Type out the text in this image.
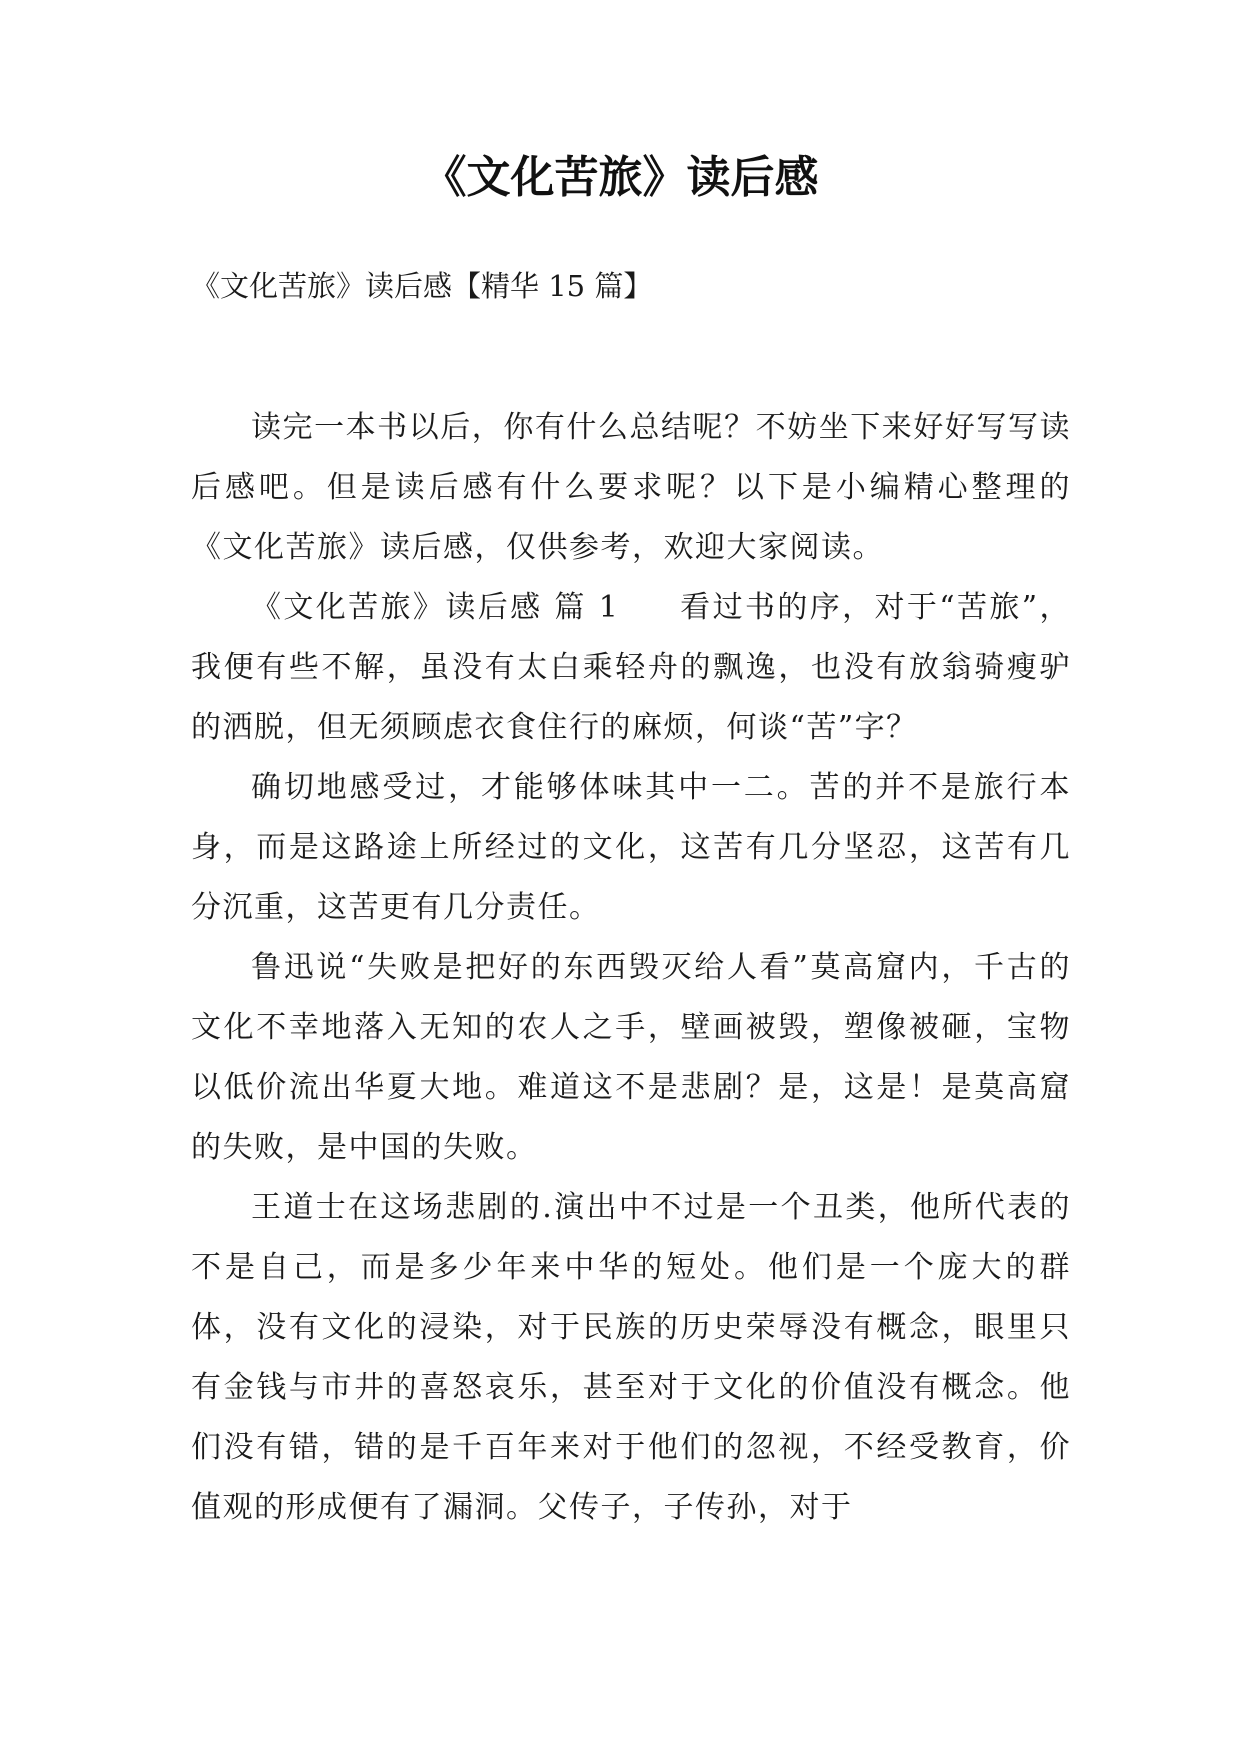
《文化苦旅》读后感

《文化苦旅》读后感【精华 15 篇】

读完一本书以后，你有什么总结呢？不妨坐下来好好写写读后感吧。但是读后感有什么要求呢？以下是小编精心整理的《文化苦旅》读后感，仅供参考，欢迎大家阅读。

《文化苦旅》读后感 篇 1 看过书的序，对于“苦旅”，我便有些不解，虽没有太白乘轻舟的飘逸，也没有放翁骑瘦驴的洒脱，但无须顾虑衣食住行的麻烦，何谈“苦”字？

确切地感受过，才能够体味其中一二。苦的并不是旅行本身，而是这路途上所经过的文化，这苦有几分坚忍，这苦有几分沉重，这苦更有几分责任。

鲁迅说“失败是把好的东西毁灭给人看”莫高窟内，千古的文化不幸地落入无知的农人之手，壁画被毁，塑像被砸，宝物以低价流出华夏大地。难道这不是悲剧？是，这是！是莫高窟的失败，是中国的失败。

王道士在这场悲剧的.演出中不过是一个丑类，他所代表的不是自己，而是多少年来中华的短处。他们是一个庞大的群体，没有文化的浸染，对于民族的历史荣辱没有概念，眼里只有金钱与市井的喜怒哀乐，甚至对于文化的价值没有概念。他们没有错，错的是千百年来对于他们的忽视，不经受教育，价值观的形成便有了漏洞。父传子，子传孙，对于
